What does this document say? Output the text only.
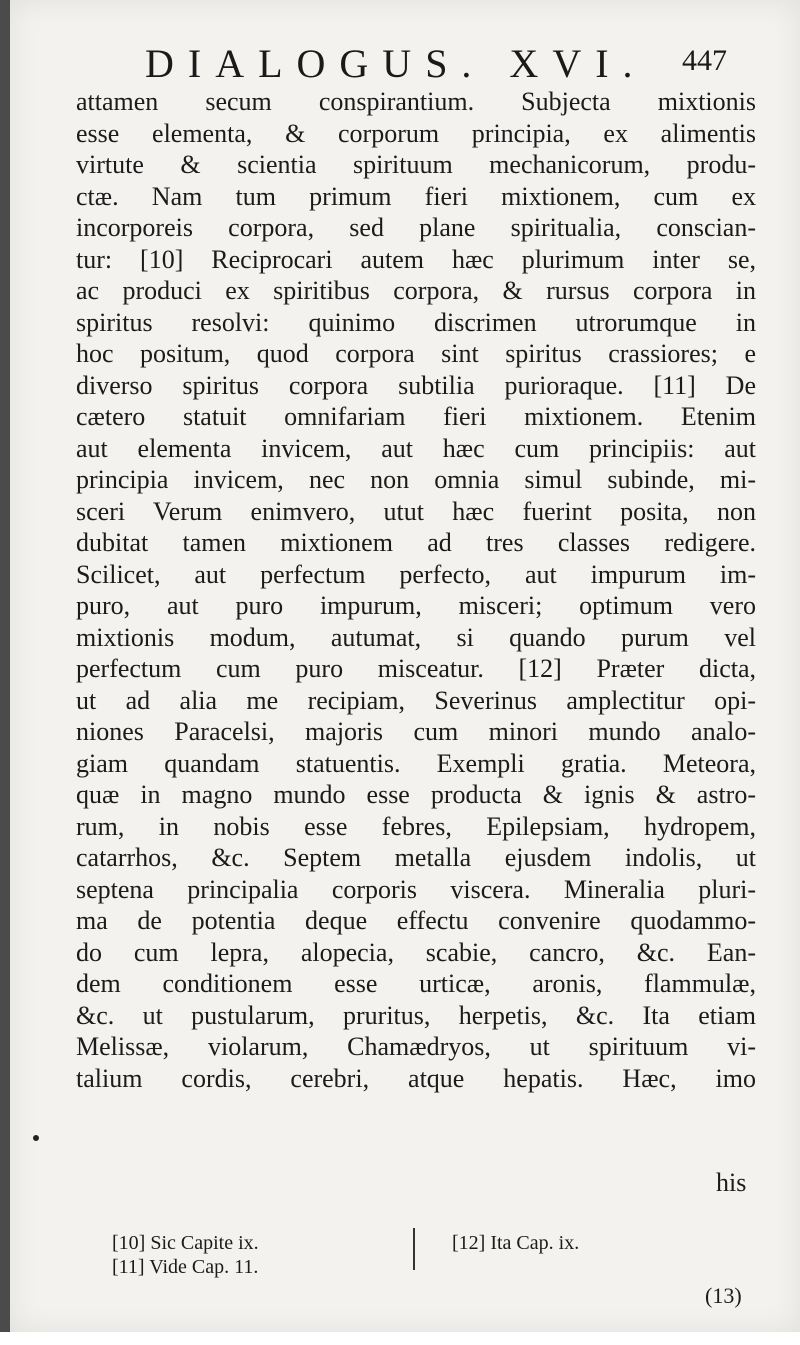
DIALOGUS. XVI. 447
attamen secum conspirantium. Subjecta mixtionis
esse elementa, & corporum principia, ex alimentis
virtute & scientia spirituum mechanicorum, produ-
ctæ. Nam tum primum fieri mixtionem, cum ex
incorporeis corpora, sed plane spiritualia, conscian-
tur: [10] Reciprocari autem hæc plurimum inter se,
ac produci ex spiritibus corpora, & rursus corpora in
spiritus resolvi: quinimo discrimen utrorumque in
hoc positum, quod corpora sint spiritus crassiores; e
diverso spiritus corpora subtilia purioraque. [11] De
cætero statuit omnifariam fieri mixtionem. Etenim
aut elementa invicem, aut hæc cum principiis: aut
principia invicem, nec non omnia simul subinde, mi-
sceri Verum enimvero, utut hæc fuerint posita, non
dubitat tamen mixtionem ad tres classes redigere.
Scilicet, aut perfectum perfecto, aut impurum im-
puro, aut puro impurum, misceri; optimum vero
mixtionis modum, autumat, si quando purum vel
perfectum cum puro misceatur. [12] Præter dicta,
ut ad alia me recipiam, Severinus amplectitur opi-
niones Paracelsi, majoris cum minori mundo analo-
giam quandam statuentis. Exempli gratia. Meteora,
quæ in magno mundo esse producta & ignis & astro-
rum, in nobis esse febres, Epilepsiam, hydropem,
catarrhos, &c. Septem metalla ejusdem indolis, ut
septena principalia corporis viscera. Mineralia pluri-
ma de potentia deque effectu convenire quodammo-
do cum lepra, alopecia, scabie, cancro, &c. Ean-
dem conditionem esse urticæ, aronis, flammulæ,
&c. ut pustularum, pruritus, herpetis, &c. Ita etiam
Melissæ, violarum, Chamædryos, ut spirituum vi-
talium cordis, cerebri, atque hepatis. Hæc, imo
his
[10] Sic Capite ix.
[11] Vide Cap. 11.
[12] Ita Cap. ix.
(13)
